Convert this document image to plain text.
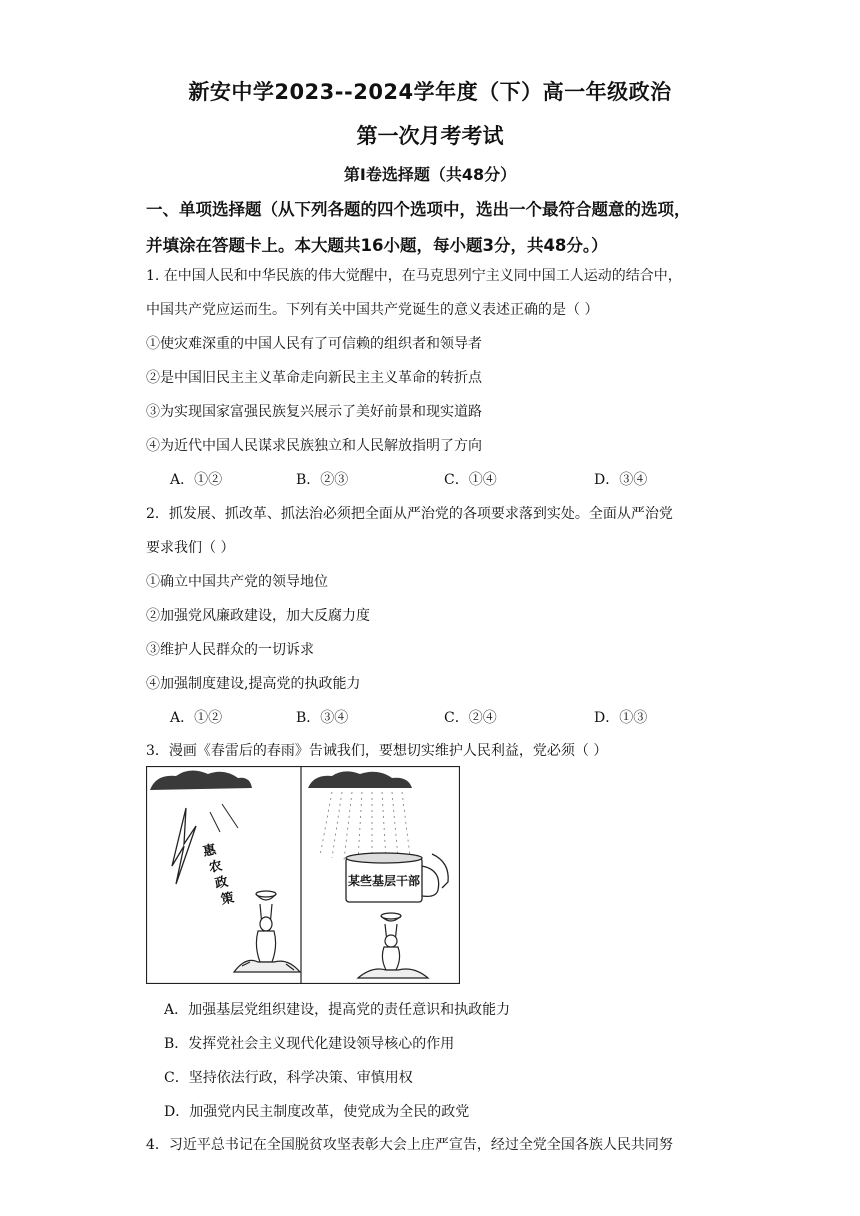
新安中学2023--2024学年度（下）高一年级政治
第一次月考考试
第I卷选择题（共48分）
一、单项选择题（从下列各题的四个选项中，选出一个最符合题意的选项，
并填涂在答题卡上。本大题共16小题，每小题3分，共48分。）
1. 在中国人民和中华民族的伟大觉醒中，在马克思列宁主义同中国工人运动的结合中，
中国共产党应运而生。下列有关中国共产党诞生的意义表述正确的是（ ）
①使灾难深重的中国人民有了可信赖的组织者和领导者
②是中国旧民主主义革命走向新民主主义革命的转折点
③为实现国家富强民族复兴展示了美好前景和现实道路
④为近代中国人民谋求民族独立和人民解放指明了方向
A．①②	B．②③	C．①④	D．③④
2．抓发展、抓改革、抓法治必须把全面从严治党的各项要求落到实处。全面从严治党
要求我们（ ）
①确立中国共产党的领导地位
②加强党风廉政建设，加大反腐力度
③维护人民群众的一切诉求
④加强制度建设,提高党的执政能力
A．①②	B．③④	C．②④	D．①③
3．漫画《春雷后的春雨》告诫我们，要想切实维护人民利益，党必须（ ）
惠
农
政
策
某些基层干部
A．加强基层党组织建设，提高党的责任意识和执政能力
B．发挥党社会主义现代化建设领导核心的作用
C．坚持依法行政，科学决策、审慎用权
D．加强党内民主制度改革，使党成为全民的政党
4．习近平总书记在全国脱贫攻坚表彰大会上庄严宣告，经过全党全国各族人民共同努
